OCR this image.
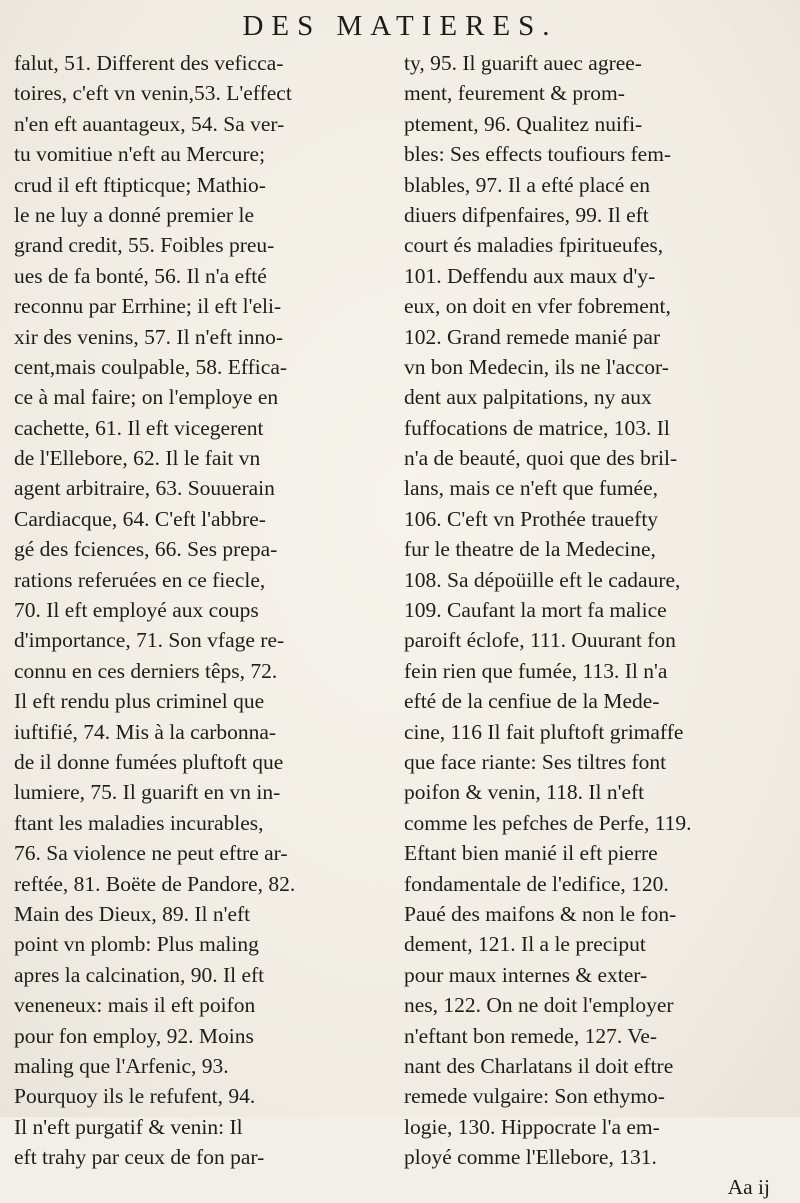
DES MATIERES.
falut, 51. Different des veficca-
toires, c'eft vn venin,53. L'effect
n'en eft auantageux, 54. Sa ver-
tu vomitiue n'eft au Mercure;
crud il eft ftipticque; Mathio-
le ne luy a donné premier le
grand credit, 55. Foibles preu-
ues de fa bonté, 56. Il n'a efté
reconnu par Errhine; il eft l'eli-
xir des venins, 57. Il n'eft inno-
cent,mais coulpable, 58. Effica-
ce à mal faire; on l'employe en
cachette, 61. Il eft vicegerent
de l'Ellebore, 62. Il le fait vn
agent arbitraire, 63. Souuerain
Cardiacque, 64. C'eft l'abbre-
gé des fciences, 66. Ses prepa-
rations referuées en ce fiecle,
70. Il eft employé aux coups
d'importance, 71. Son vfage re-
connu en ces derniers têps, 72.
Il eft rendu plus criminel que
iuftifié, 74. Mis à la carbonna-
de il donne fumées pluftoft que
lumiere, 75. Il guarift en vn in-
ftant les maladies incurables,
76. Sa violence ne peut eftre ar-
reftée, 81. Boëte de Pandore, 82.
Main des Dieux, 89. Il n'eft
point vn plomb: Plus maling
apres la calcination, 90. Il eft
veneneux: mais il eft poifon
pour fon employ, 92. Moins
maling que l'Arfenic, 93.
Pourquoy ils le refufent, 94.
Il n'eft purgatif & venin: Il
eft trahy par ceux de fon par-
ty, 95. Il guarift auec agree-
ment, feurement & prom-
ptement, 96. Qualitez nuifi-
bles: Ses effects toufiours fem-
blables, 97. Il a efté placé en
diuers difpenfaires, 99. Il eft
court és maladies fpiritueufes,
101. Deffendu aux maux d'y-
eux, on doit en vfer fobrement,
102. Grand remede manié par
vn bon Medecin, ils ne l'accor-
dent aux palpitations, ny aux
fuffocations de matrice, 103. Il
n'a de beauté, quoi que des bril-
lans, mais ce n'eft que fumée,
106. C'eft vn Prothée trauefty
fur le theatre de la Medecine,
108. Sa dépoüille eft le cadaure,
109. Caufant la mort fa malice
paroift éclofe, 111. Ouurant fon
fein rien que fumée, 113. Il n'a
efté de la cenfiue de la Mede-
cine, 116 Il fait pluftoft grimaffe
que face riante: Ses tiltres font
poifon & venin, 118. Il n'eft
comme les pefches de Perfe, 119.
Eftant bien manié il eft pierre
fondamentale de l'edifice, 120.
Paué des maifons & non le fon-
dement, 121. Il a le preciput
pour maux internes & exter-
nes, 122. On ne doit l'employer
n'eftant bon remede, 127. Ve-
nant des Charlatans il doit eftre
remede vulgaire: Son ethymo-
logie, 130. Hippocrate l'a em-
ployé comme l'Ellebore, 131.
Aa ij
